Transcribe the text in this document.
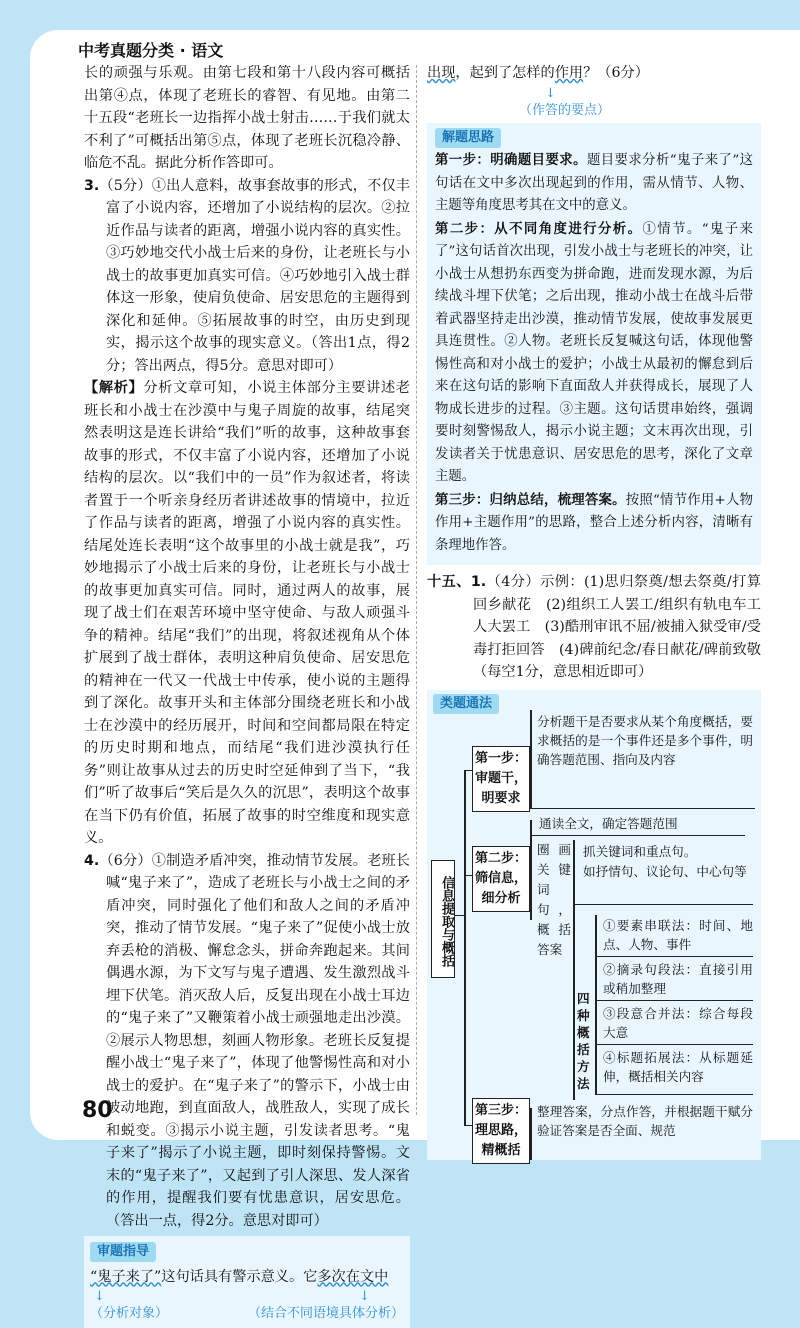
中考真题分类 · 语文

长的顽强与乐观。由第七段和第十八段内容可概括出第④点，体现了老班长的睿智、有见地。由第二十五段“老班长一边指挥小战士射击……于我们就太不利了”可概括出第⑤点，体现了老班长沉稳冷静、临危不乱。据此分析作答即可。

3.（5分）①出人意料，故事套故事的形式，不仅丰富了小说内容，还增加了小说结构的层次。②拉近作品与读者的距离，增强小说内容的真实性。③巧妙地交代小战士后来的身份，让老班长与小战士的故事更加真实可信。④巧妙地引入战士群体这一形象，使肩负使命、居安思危的主题得到深化和延伸。⑤拓展故事的时空，由历史到现实，揭示这个故事的现实意义。（答出1点，得2分；答出两点，得5分。意思对即可）

【解析】分析文章可知，小说主体部分主要讲述老班长和小战士在沙漠中与鬼子周旋的故事，结尾突然表明这是连长讲给“我们”听的故事，这种故事套故事的形式，不仅丰富了小说内容，还增加了小说结构的层次。以“我们中的一员”作为叙述者，将读者置于一个听亲身经历者讲述故事的情境中，拉近了作品与读者的距离，增强了小说内容的真实性。结尾处连长表明“这个故事里的小战士就是我”，巧妙地揭示了小战士后来的身份，让老班长与小战士的故事更加真实可信。同时，通过两人的故事，展现了战士们在艰苦环境中坚守使命、与敌人顽强斗争的精神。结尾“我们”的出现，将叙述视角从个体扩展到了战士群体，表明这种肩负使命、居安思危的精神在一代又一代战士中传承，使小说的主题得到了深化。故事开头和主体部分围绕老班长和小战士在沙漠中的经历展开，时间和空间都局限在特定的历史时期和地点，而结尾“我们进沙漠执行任务”则让故事从过去的历史时空延伸到了当下，“我们”听了故事后“笑后是久久的沉思”，表明这个故事在当下仍有价值，拓展了故事的时空维度和现实意义。

4.（6分）①制造矛盾冲突，推动情节发展。老班长喊“鬼子来了”，造成了老班长与小战士之间的矛盾冲突，同时强化了他们和敌人之间的矛盾冲突，推动了情节发展。“鬼子来了”促使小战士放弃丢枪的消极、懈怠念头，拼命奔跑起来。其间偶遇水源，为下文写与鬼子遭遇、发生激烈战斗埋下伏笔。消灭敌人后，反复出现在小战士耳边的“鬼子来了”又鞭策着小战士顽强地走出沙漠。②展示人物思想，刻画人物形象。老班长反复提醒小战士“鬼子来了”，体现了他警惕性高和对小战士的爱护。在“鬼子来了”的警示下，小战士由被动地跑，到直面敌人，战胜敌人，实现了成长和蜕变。③揭示小说主题，引发读者思考。“鬼子来了”揭示了小说主题，即时刻保持警惕。文末的“鬼子来了”，又起到了引人深思、发人深省的作用，提醒我们要有忧患意识，居安思危。（答出一点，得2分。意思对即可）

审题指导
“鬼子来了”这句话具有警示意义。它多次在文中
↓	↓
（分析对象）	（结合不同语境具体分析）

出现，起到了怎样的作用？（6分）

↓
（作答的要点）
解题思路

第一步：明确题目要求。题目要求分析“鬼子来了”这句话在文中多次出现起到的作用，需从情节、人物、主题等角度思考其在文中的意义。

第二步：从不同角度进行分析。①情节。“鬼子来了”这句话首次出现，引发小战士与老班长的冲突，让小战士从想扔东西变为拼命跑，进而发现水源，为后续战斗埋下伏笔；之后出现，推动小战士在战斗后带着武器坚持走出沙漠，推动情节发展，使故事发展更具连贯性。②人物。老班长反复喊这句话，体现他警惕性高和对小战士的爱护；小战士从最初的懈怠到后来在这句话的影响下直面敌人并获得成长，展现了人物成长进步的过程。③主题。这句话贯串始终，强调要时刻警惕敌人，揭示小说主题；文末再次出现，引发读者关于忧患意识、居安思危的思考，深化了文章主题。

第三步：归纳总结，梳理答案。按照“情节作用+人物作用+主题作用”的思路，整合上述分析内容，清晰有条理地作答。

十五、1.（4分）示例：(1)思归祭奠/想去祭奠/打算回乡献花　(2)组织工人罢工/组织有轨电车工人大罢工　(3)酷刑审讯不屈/被捕入狱受审/受毒打拒回答　(4)碑前纪念/春日献花/碑前致敬（每空1分，意思相近即可）

类题通法
信息提取与概括
第一步：审题干，明要求
分析题干是否要求从某个角度概括，要求概括的是一个事件还是多个事件，明确答题范围、指向及内容
第二步：筛信息，细分析
通读全文，确定答题范围
圈画关键词句，概括答案
抓关键词和重点句。
如抒情句、议论句、中心句等
四种概括方法
①要素串联法：时间、地点、人物、事件
②摘录句段法：直接引用或稍加整理
③段意合并法：综合每段大意
④标题拓展法：从标题延伸，概括相关内容
第三步：理思路，精概括
整理答案，分点作答，并根据题干赋分验证答案是否全面、规范
80
